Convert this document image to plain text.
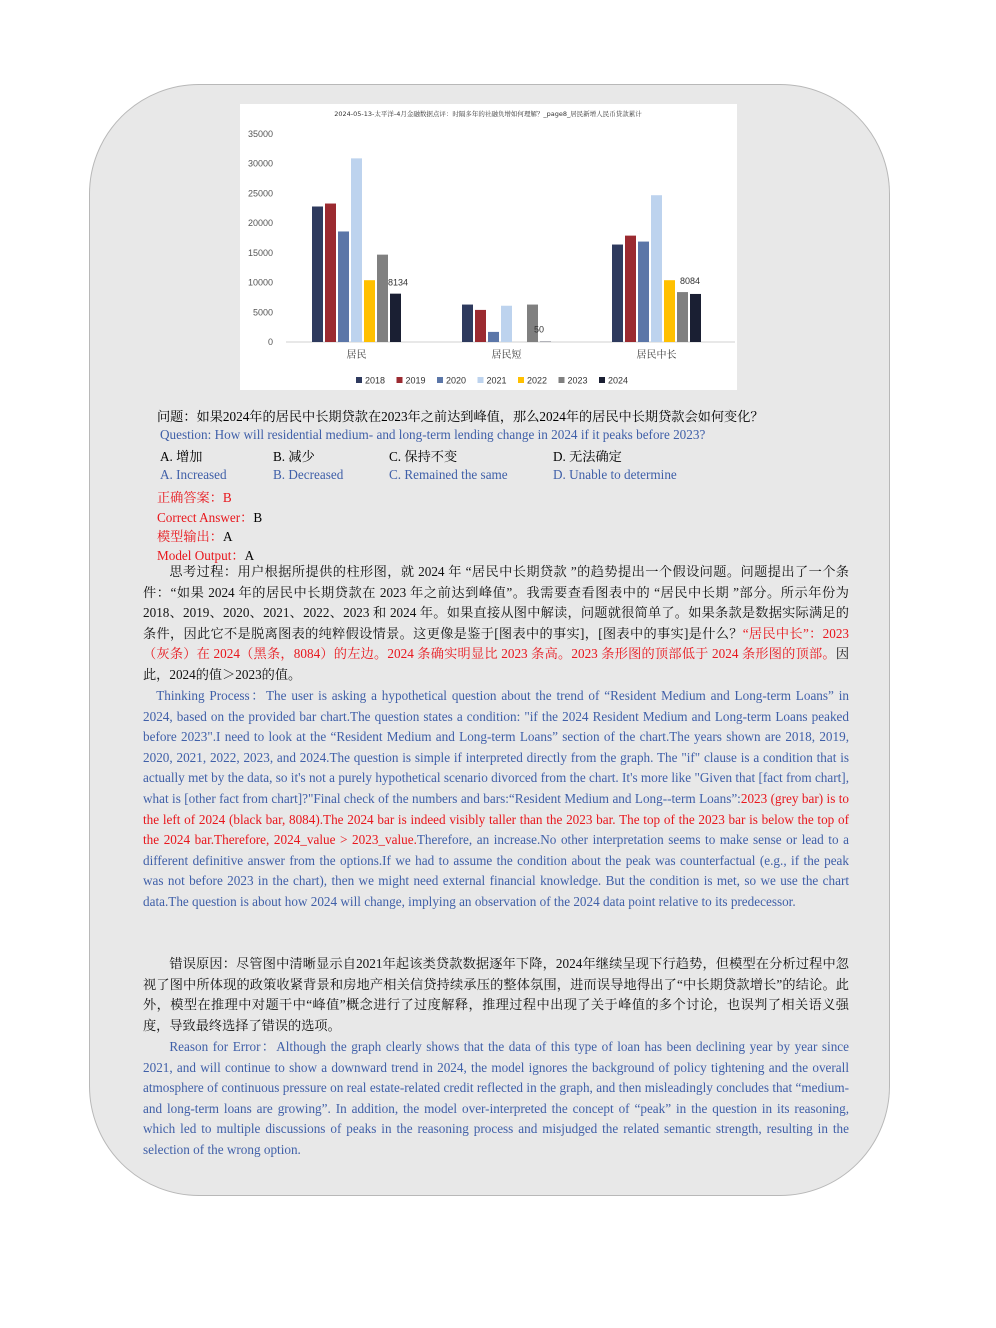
2024-05-13-太平洋-4月金融数据点评：时隔多年的社融负增如何理解？_page8_居民新增人民币贷款累计
0
5000
10000
15000
20000
25000
30000
35000
8134
50
8084
居民	居民短	居民中长
2018 2019 2020 2021 2022 2023 2024
问题：如果2024年的居民中长期贷款在2023年之前达到峰值，那么2024年的居民中长期贷款会如何变化？
Question: How will residential medium- and long-term lending change in 2024 if it peaks before 2023?
A. 增加	B. 减少	C. 保持不变	D. 无法确定
A. Increased	B. Decreased	C. Remained the same	D. Unable to determine
正确答案：B
Correct Answer：B
模型输出：A
Model Output：A
思考过程：用户根据所提供的柱形图，就 2024 年 “居民中长期贷款 ”的趋势提出一个假设问题。问题提出了一个条件：“如果 2024 年的居民中长期贷款在 2023 年之前达到峰值”。我需要查看图表中的 “居民中长期 ”部分。所示年份为 2018、2019、2020、2021、2022、2023 和 2024 年。如果直接从图中解读，问题就很简单了。如果条款是数据实际满足的条件，因此它不是脱离图表的纯粹假设情景。这更像是鉴于[图表中的事实]，[图表中的事实]是什么？“居民中长”：2023（灰条）在 2024（黑条，8084）的左边。2024 条确实明显比 2023 条高。2023 条形图的顶部低于 2024 条形图的顶部。因此，2024的值＞2023的值。
Thinking Process：The user is asking a hypothetical question about the trend of “Resident Medium and Long-term Loans” in 2024, based on the provided bar chart.The question states a condition: "if the 2024 Resident Medium and Long-term Loans peaked before 2023".I need to look at the “Resident Medium and Long-term Loans” section of the chart.The years shown are 2018, 2019, 2020, 2021, 2022, 2023, and 2024.The question is simple if interpreted directly from the graph. The "if" clause is a condition that is actually met by the data, so it's not a purely hypothetical scenario divorced from the chart. It's more like "Given that [fact from chart], what is [other fact from chart]?"Final check of the numbers and bars:“Resident Medium and Long--term Loans”:2023 (grey bar) is to the left of 2024 (black bar, 8084).The 2024 bar is indeed visibly taller than the 2023 bar. The top of the 2023 bar is below the top of the 2024 bar.Therefore, 2024_value > 2023_value.Therefore, an increase.No other interpretation seems to make sense or lead to a different definitive answer from the options.If we had to assume the condition about the peak was counterfactual (e.g., if the peak was not before 2023 in the chart), then we might need external financial knowledge. But the condition is met, so we use the chart data.The question is about how 2024 will change, implying an observation of the 2024 data point relative to its predecessor.
错误原因：尽管图中清晰显示自2021年起该类贷款数据逐年下降，2024年继续呈现下行趋势，但模型在分析过程中忽视了图中所体现的政策收紧背景和房地产相关信贷持续承压的整体氛围，进而误导地得出了“中长期贷款增长”的结论。此外，模型在推理中对题干中“峰值”概念进行了过度解释，推理过程中出现了关于峰值的多个讨论，也误判了相关语义强度，导致最终选择了错误的选项。
Reason for Error：Although the graph clearly shows that the data of this type of loan has been declining year by year since 2021, and will continue to show a downward trend in 2024, the model ignores the background of policy tightening and the overall atmosphere of continuous pressure on real estate-related credit reflected in the graph, and then misleadingly concludes that “medium- and long-term loans are growing”. In addition, the model over-interpreted the concept of “peak” in the question in its reasoning, which led to multiple discussions of peaks in the reasoning process and misjudged the related semantic strength, resulting in the selection of the wrong option.
